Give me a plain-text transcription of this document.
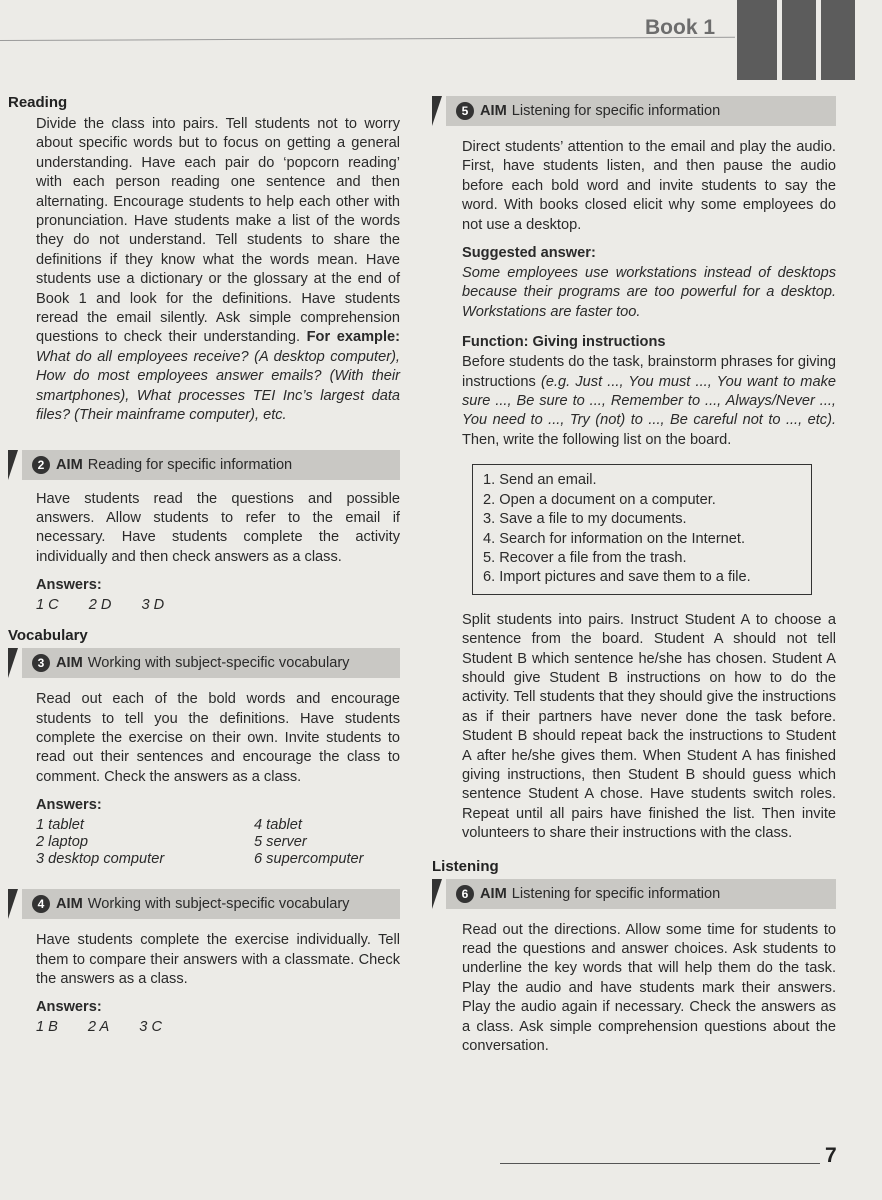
Book 1
Reading

Divide the class into pairs. Tell students not to worry about specific words but to focus on getting a general understanding. Have each pair do ‘popcorn reading’ with each person reading one sentence and then alternating. Encourage students to help each other with pronunciation. Have students make a list of the words they do not understand. Tell students to share the definitions if they know what the words mean. Have students use a dictionary or the glossary at the end of Book 1 and look for the definitions. Have students reread the email silently. Ask simple comprehension questions to check their understanding. For example: What do all employees receive? (A desktop computer), How do most employees answer emails? (With their smartphones), What processes TEI Inc’s largest data files? (Their mainframe computer), etc.

2 AIM Reading for specific information

Have students read the questions and possible answers. Allow students to refer to the email if necessary. Have students complete the activity individually and then check answers as a class.

Answers:
1 C 2 D 3 D
Vocabulary
3 AIM Working with subject-specific vocabulary

Read out each of the bold words and encourage students to tell you the definitions. Have students complete the exercise on their own. Invite students to read out their sentences and encourage the class to comment. Check the answers as a class.

Answers:
1 tablet	4 tablet
2 laptop	5 server
3 desktop computer	6 supercomputer
4 AIM Working with subject-specific vocabulary

Have students complete the exercise individually. Tell them to compare their answers with a classmate. Check the answers as a class.

Answers:
1 B 2 A 3 C
5 AIM Listening for specific information

Direct students’ attention to the email and play the audio. First, have students listen, and then pause the audio before each bold word and invite students to say the word. With books closed elicit why some employees do not use a desktop.

Suggested answer:

Some employees use workstations instead of desktops because their programs are too powerful for a desktop. Workstations are faster too.

Function: Giving instructions

Before students do the task, brainstorm phrases for giving instructions (e.g. Just ..., You must ..., You want to make sure ..., Be sure to ..., Remember to ..., Always/Never ..., You need to ..., Try (not) to ..., Be careful not to ..., etc). Then, write the following list on the board.

1. Send an email.
2. Open a document on a computer.
3. Save a file to my documents.
4. Search for information on the Internet.
5. Recover a file from the trash.
6. Import pictures and save them to a file.

Split students into pairs. Instruct Student A to choose a sentence from the board. Student A should not tell Student B which sentence he/she has chosen. Student A should give Student B instructions on how to do the activity. Tell students that they should give the instructions as if their partners have never done the task before. Student B should repeat back the instructions to Student A after he/she gives them. When Student A has finished giving instructions, then Student B should guess which sentence Student A chose. Have students switch roles. Repeat until all pairs have finished the list. Then invite volunteers to share their instructions with the class.

Listening
6 AIM Listening for specific information

Read out the directions. Allow some time for students to read the questions and answer choices. Ask students to underline the key words that will help them do the task. Play the audio and have students mark their answers. Play the audio again if necessary. Check the answers as a class. Ask simple comprehension questions about the conversation.

7
